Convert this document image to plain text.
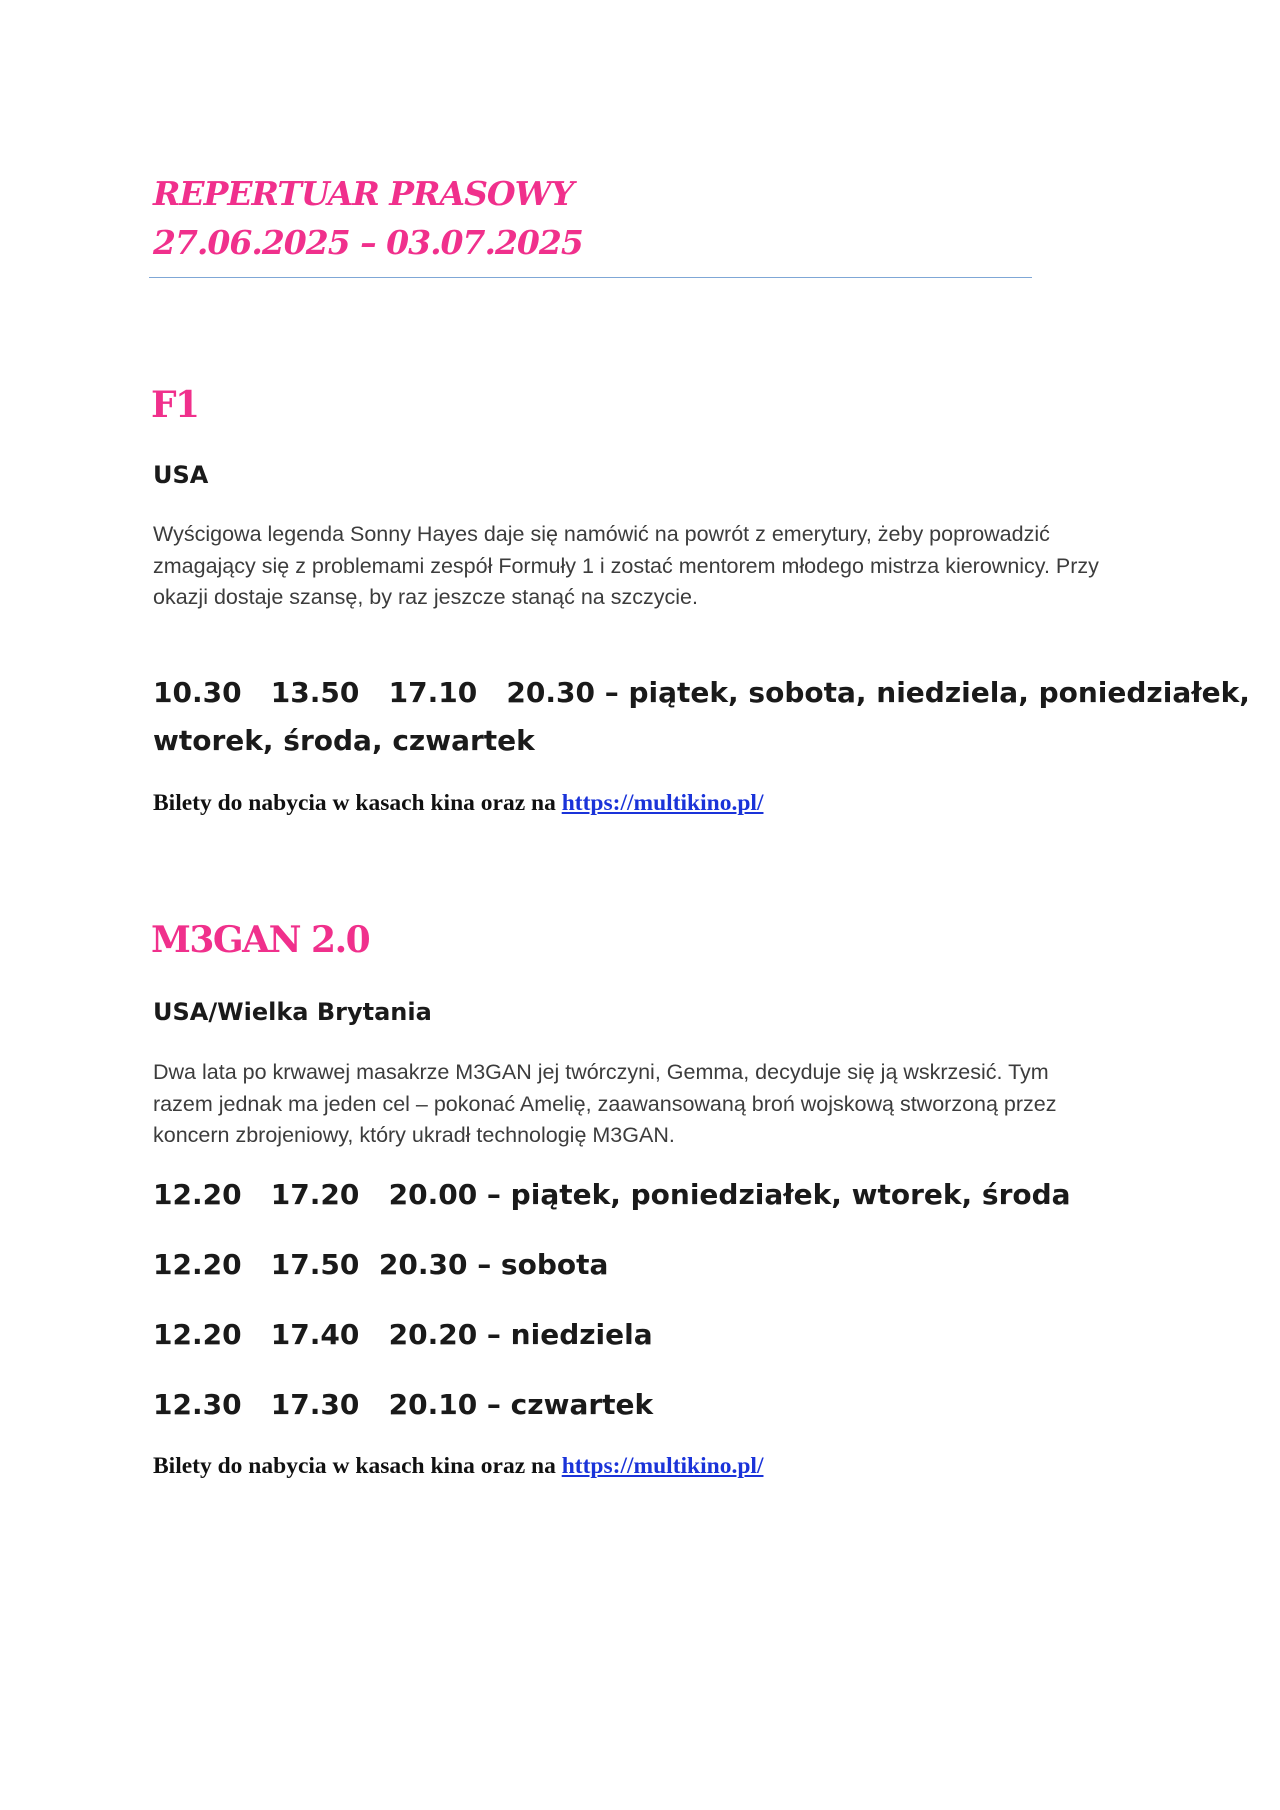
REPERTUAR PRASOWY
27.06.2025 – 03.07.2025
F1

USA

Wyścigowa legenda Sonny Hayes daje się namówić na powrót z emerytury, żeby poprowadzić zmagający się z problemami zespół Formuły 1 i zostać mentorem młodego mistrza kierownicy. Przy okazji dostaje szansę, by raz jeszcze stanąć na szczycie.

10.30   13.50   17.10   20.30 – piątek, sobota, niedziela, poniedziałek,
wtorek, środa, czwartek

Bilety do nabycia w kasach kina oraz na https://multikino.pl/

M3GAN 2.0

USA/Wielka Brytania

Dwa lata po krwawej masakrze M3GAN jej twórczyni, Gemma, decyduje się ją wskrzesić. Tym razem jednak ma jeden cel – pokonać Amelię, zaawansowaną broń wojskową stworzoną przez koncern zbrojeniowy, który ukradł technologię M3GAN.

12.20   17.20   20.00 – piątek, poniedziałek, wtorek, środa

12.20   17.50  20.30 – sobota

12.20   17.40   20.20 – niedziela

12.30   17.30   20.10 – czwartek

Bilety do nabycia w kasach kina oraz na https://multikino.pl/
